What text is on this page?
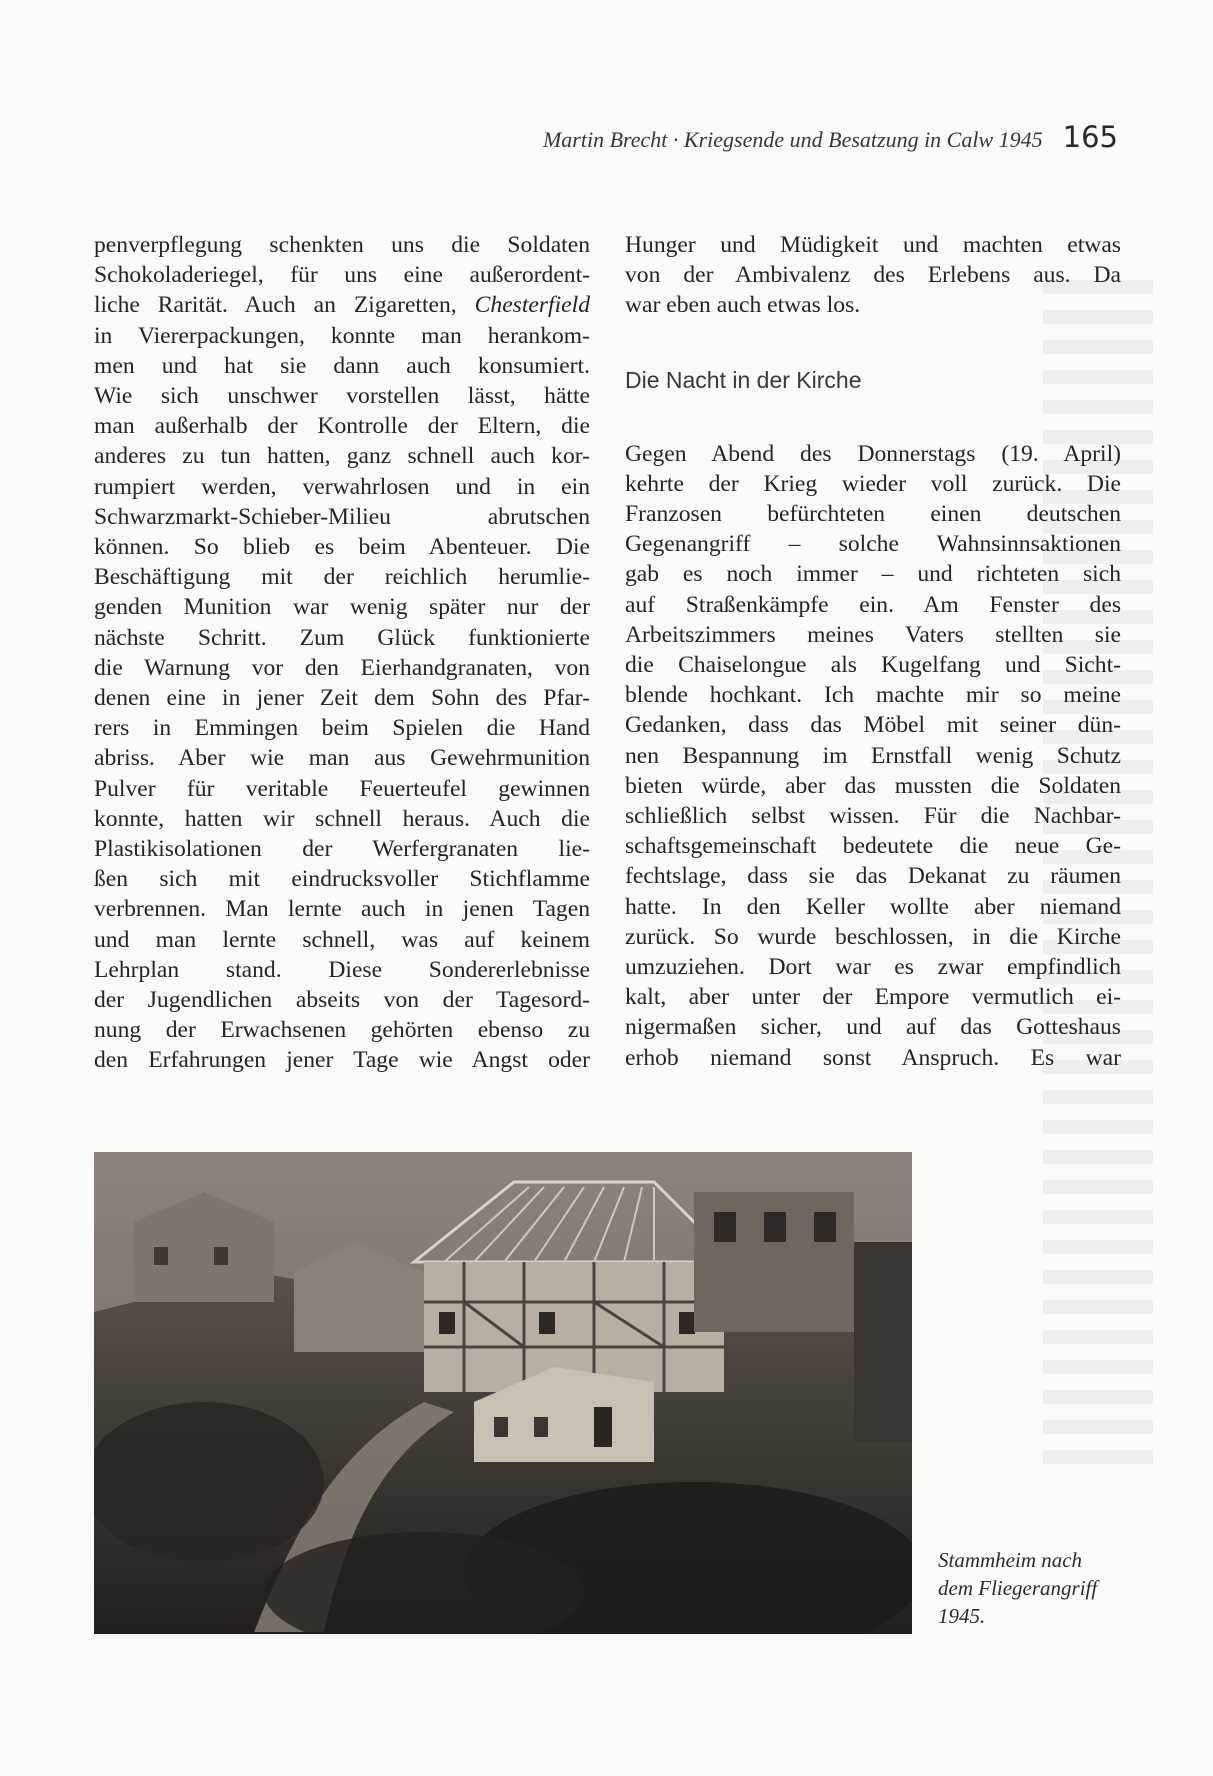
Martin Brecht · Kriegsende und Besatzung in Calw 1945 165
penverpflegung schenkten uns die Soldaten
Schokoladeriegel, für uns eine außerordent-
liche Rarität. Auch an Zigaretten, Chesterfield
in Viererpackungen, konnte man herankom-
men und hat sie dann auch konsumiert.
Wie sich unschwer vorstellen lässt, hätte
man außerhalb der Kontrolle der Eltern, die
anderes zu tun hatten, ganz schnell auch kor-
rumpiert werden, verwahrlosen und in ein
Schwarzmarkt-Schieber-Milieu abrutschen
können. So blieb es beim Abenteuer. Die
Beschäftigung mit der reichlich herumlie-
genden Munition war wenig später nur der
nächste Schritt. Zum Glück funktionierte
die Warnung vor den Eierhandgranaten, von
denen eine in jener Zeit dem Sohn des Pfar-
rers in Emmingen beim Spielen die Hand
abriss. Aber wie man aus Gewehrmunition
Pulver für veritable Feuerteufel gewinnen
konnte, hatten wir schnell heraus. Auch die
Plastikisolationen der Werfergranaten lie-
ßen sich mit eindrucksvoller Stichflamme
verbrennen. Man lernte auch in jenen Tagen
und man lernte schnell, was auf keinem
Lehrplan stand. Diese Sondererlebnisse
der Jugendlichen abseits von der Tagesord-
nung der Erwachsenen gehörten ebenso zu
den Erfahrungen jener Tage wie Angst oder
Hunger und Müdigkeit und machten etwas
von der Ambivalenz des Erlebens aus. Da
war eben auch etwas los.
Die Nacht in der Kirche
Gegen Abend des Donnerstags (19. April)
kehrte der Krieg wieder voll zurück. Die
Franzosen befürchteten einen deutschen
Gegenangriff – solche Wahnsinnsaktionen
gab es noch immer – und richteten sich
auf Straßenkämpfe ein. Am Fenster des
Arbeitszimmers meines Vaters stellten sie
die Chaiselongue als Kugelfang und Sicht-
blende hochkant. Ich machte mir so meine
Gedanken, dass das Möbel mit seiner dün-
nen Bespannung im Ernstfall wenig Schutz
bieten würde, aber das mussten die Soldaten
schließlich selbst wissen. Für die Nachbar-
schaftsgemeinschaft bedeutete die neue Ge-
fechtslage, dass sie das Dekanat zu räumen
hatte. In den Keller wollte aber niemand
zurück. So wurde beschlossen, in die Kirche
umzuziehen. Dort war es zwar empfindlich
kalt, aber unter der Empore vermutlich ei-
nigermaßen sicher, und auf das Gotteshaus
erhob niemand sonst Anspruch. Es war
Stammheim nach
dem Fliegerangriff
1945.
